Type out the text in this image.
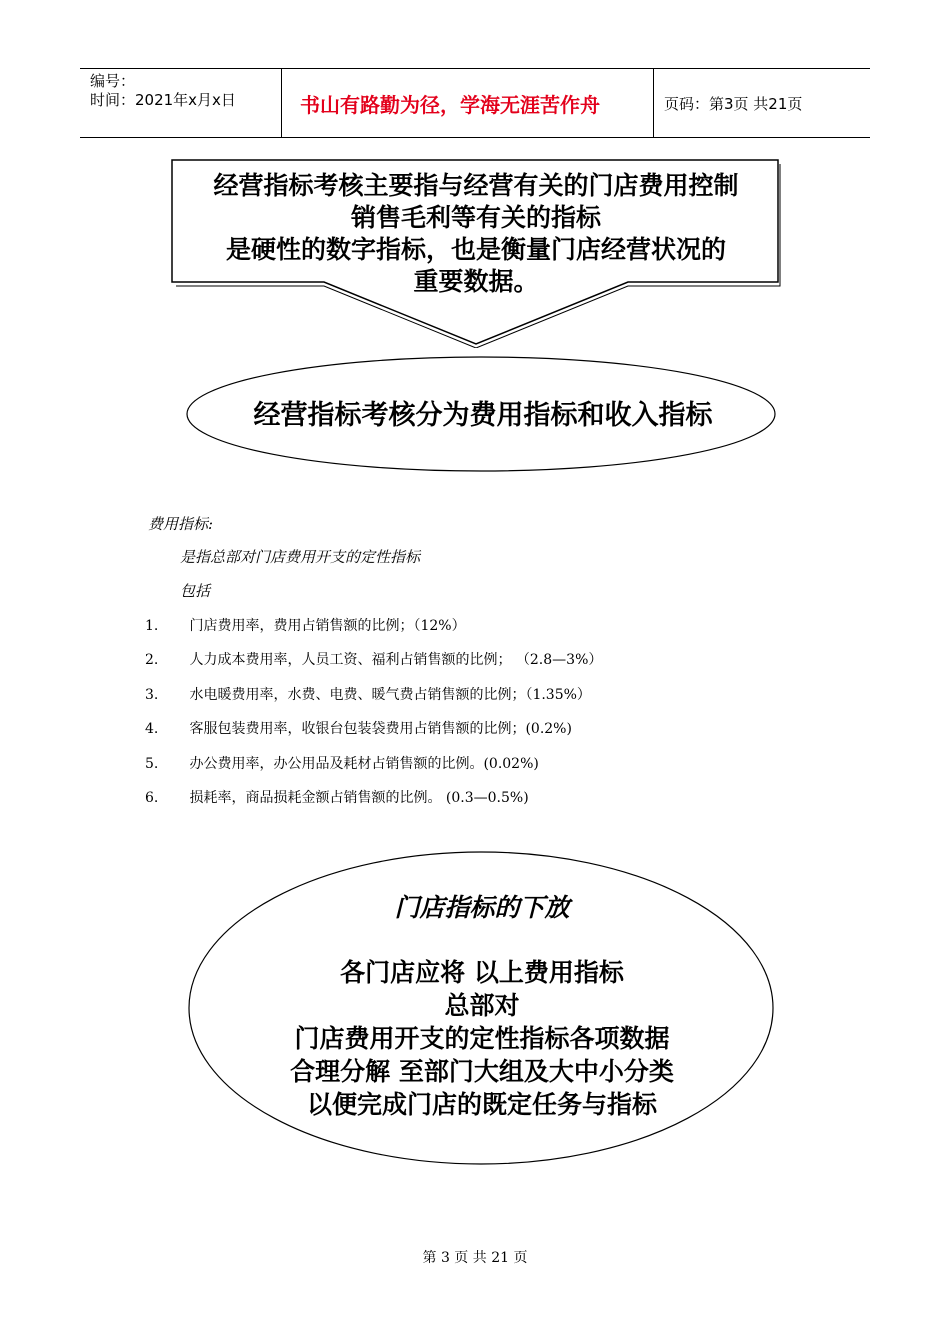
编号：
时间：2021年x月x日	书山有路勤为径，学海无涯苦作舟	页码：第3页 共21页
经营指标考核主要指与经营有关的门店费用控制
销售毛利等有关的指标
是硬性的数字指标，也是衡量门店经营状况的
重要数据。
经营指标考核分为费用指标和收入指标
费用指标:
是指总部对门店费用开支的定性指标
包括
1. 门店费用率，费用占销售额的比例；（12%）
2. 人力成本费用率，人员工资、福利占销售额的比例； （2.8—3%）
3. 水电暖费用率，水费、电费、暖气费占销售额的比例；（1.35%）
4. 客服包装费用率，收银台包装袋费用占销售额的比例；(0.2%)
5. 办公费用率，办公用品及耗材占销售额的比例。(0.02%)
6. 损耗率，商品损耗金额占销售额的比例。 (0.3—0.5%)
门店指标的下放
各门店应将 以上费用指标
总部对
门店费用开支的定性指标各项数据
合理分解 至部门大组及大中小分类
以便完成门店的既定任务与指标
第 3 页 共 21 页
